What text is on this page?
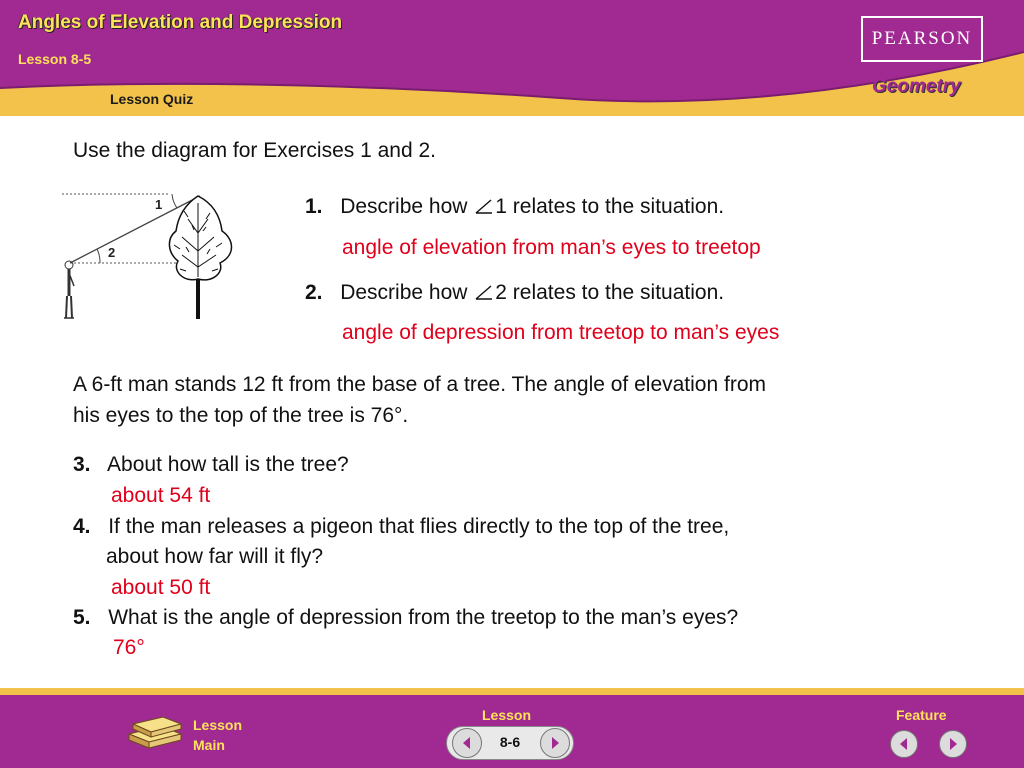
Angles of Elevation and Depression
Lesson 8-5
Lesson Quiz
PEARSON
Geometry
Use the diagram for Exercises 1 and 2.
1
2
1. Describe how 1 relates to the situation.
angle of elevation from man’s eyes to treetop
2. Describe how 2 relates to the situation.
angle of depression from treetop to man’s eyes
A 6-ft man stands 12 ft from the base of a tree. The angle of elevation from
his eyes to the top of the tree is 76°.
3. About how tall is the tree?
about 54 ft
4. If the man releases a pigeon that flies directly to the top of the tree,
about how far will it fly?
about 50 ft
5. What is the angle of depression from the treetop to the man’s eyes?
76°
Lesson
Main
Lesson
8-6
Feature
